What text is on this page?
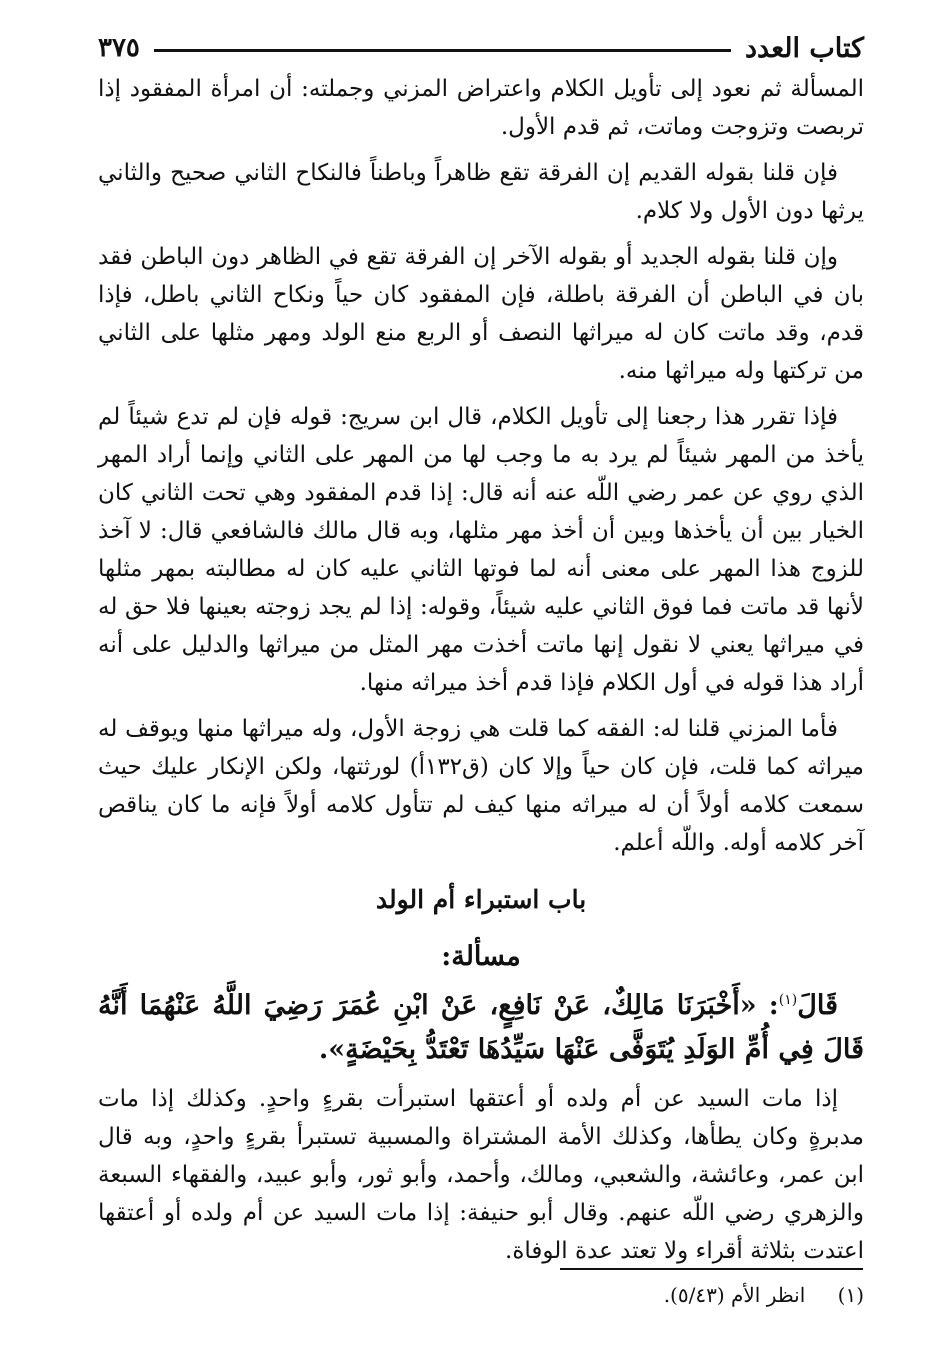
كتاب العدد
٣٧٥

المسألة ثم نعود إلى تأويل الكلام واعتراض المزني وجملته: أن امرأة المفقود إذا تربصت وتزوجت وماتت، ثم قدم الأول.

فإن قلنا بقوله القديم إن الفرقة تقع ظاهراً وباطناً فالنكاح الثاني صحيح والثاني يرثها دون الأول ولا كلام.

وإن قلنا بقوله الجديد أو بقوله الآخر إن الفرقة تقع في الظاهر دون الباطن فقد بان في الباطن أن الفرقة باطلة، فإن المفقود كان حياً ونكاح الثاني باطل، فإذا قدم، وقد ماتت كان له ميراثها النصف أو الربع منع الولد ومهر مثلها على الثاني من تركتها وله ميراثها منه.

فإذا تقرر هذا رجعنا إلى تأويل الكلام، قال ابن سريج: قوله فإن لم تدع شيئاً لم يأخذ من المهر شيئاً لم يرد به ما وجب لها من المهر على الثاني وإنما أراد المهر الذي روي عن عمر رضي اللّه عنه أنه قال: إذا قدم المفقود وهي تحت الثاني كان الخيار بين أن يأخذها وبين أن أخذ مهر مثلها، وبه قال مالك فالشافعي قال: لا آخذ للزوج هذا المهر على معنى أنه لما فوتها الثاني عليه كان له مطالبته بمهر مثلها لأنها قد ماتت فما فوق الثاني عليه شيئاً، وقوله: إذا لم يجد زوجته بعينها فلا حق له في ميراثها يعني لا نقول إنها ماتت أخذت مهر المثل من ميراثها والدليل على أنه أراد هذا قوله في أول الكلام فإذا قدم أخذ ميراثه منها.

فأما المزني قلنا له: الفقه كما قلت هي زوجة الأول، وله ميراثها منها ويوقف له ميراثه كما قلت، فإن كان حياً وإلا كان (ق١٣٢أ) لورثتها، ولكن الإنكار عليك حيث سمعت كلامه أولاً أن له ميراثه منها كيف لم تتأول كلامه أولاً فإنه ما كان يناقص آخر كلامه أوله. واللّه أعلم.

باب استبراء أم الولد
مسألة:

قَالَ$^{(١)}$: «أَخْبَرَنَا مَالِكٌ، عَنْ نَافِعٍ، عَنْ ابْنِ عُمَرَ رَضِيَ اللَّهُ عَنْهُمَا أَنَّهُ قَالَ فِي أُمِّ الوَلَدِ يُتَوَفَّى عَنْهَا سَيِّدُهَا تَعْتَدُّ بِحَيْضَةٍ».

إذا مات السيد عن أم ولده أو أعتقها استبرأت بقرءٍ واحدٍ. وكذلك إذا مات مدبرةٍ وكان يطأها، وكذلك الأمة المشتراة والمسبية تستبرأ بقرءٍ واحدٍ، وبه قال ابن عمر، وعائشة، والشعبي، ومالك، وأحمد، وأبو ثور، وأبو عبيد، والفقهاء السبعة والزهري رضي اللّه عنهم. وقال أبو حنيفة: إذا مات السيد عن أم ولده أو أعتقها اعتدت بثلاثة أقراء ولا تعتد عدة الوفاة.

(١) انظر الأم (٥/٤٣).
